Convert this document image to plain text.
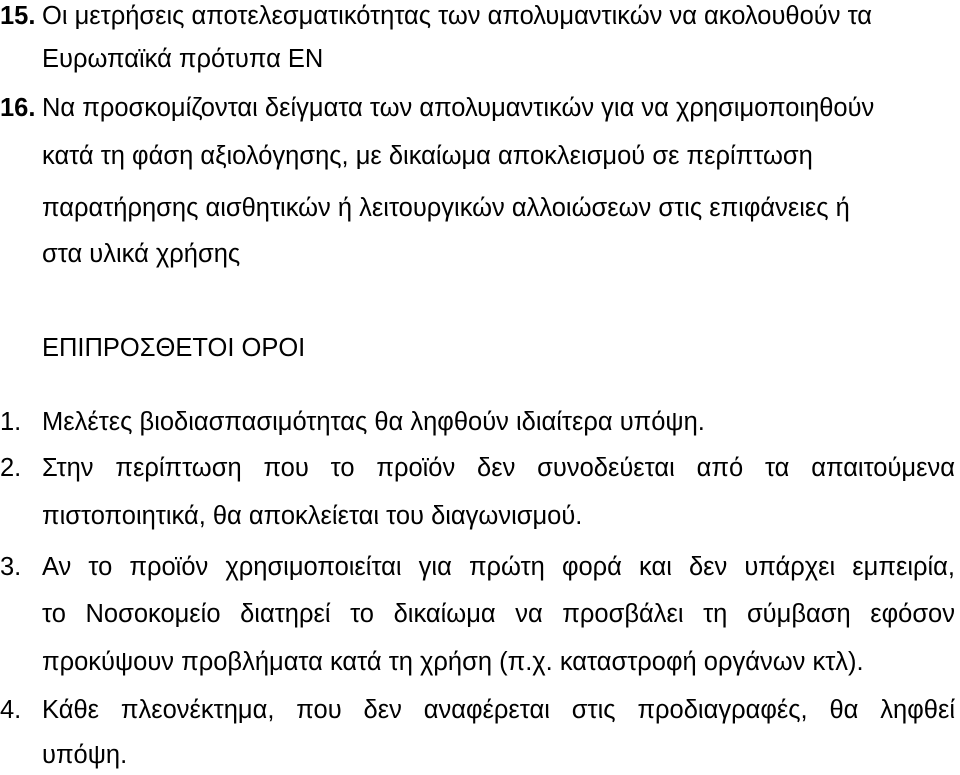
15. Οι μετρήσεις αποτελεσματικότητας των απολυμαντικών να ακολουθούν τα
Ευρωπαϊκά πρότυπα ΕΝ
16. Να προσκομίζονται δείγματα των απολυμαντικών για να χρησιμοποιηθούν
κατά τη φάση αξιολόγησης, με δικαίωμα αποκλεισμού σε περίπτωση
παρατήρησης αισθητικών ή λειτουργικών αλλοιώσεων στις επιφάνειες ή
στα υλικά χρήσης
ΕΠΙΠΡΟΣΘΕΤΟΙ ΟΡΟΙ
1. Μελέτες βιοδιασπασιμότητας θα ληφθούν ιδιαίτερα υπόψη.
2. Στην περίπτωση που το προϊόν δεν συνοδεύεται από τα απαιτούμενα
πιστοποιητικά, θα αποκλείεται του διαγωνισμού.
3. Αν το προϊόν χρησιμοποιείται για πρώτη φορά και δεν υπάρχει εμπειρία,
το Νοσοκομείο διατηρεί το δικαίωμα να προσβάλει τη σύμβαση εφόσον
προκύψουν προβλήματα κατά τη χρήση (π.χ. καταστροφή οργάνων κτλ).
4. Κάθε πλεονέκτημα, που δεν αναφέρεται στις προδιαγραφές, θα ληφθεί
υπόψη.
